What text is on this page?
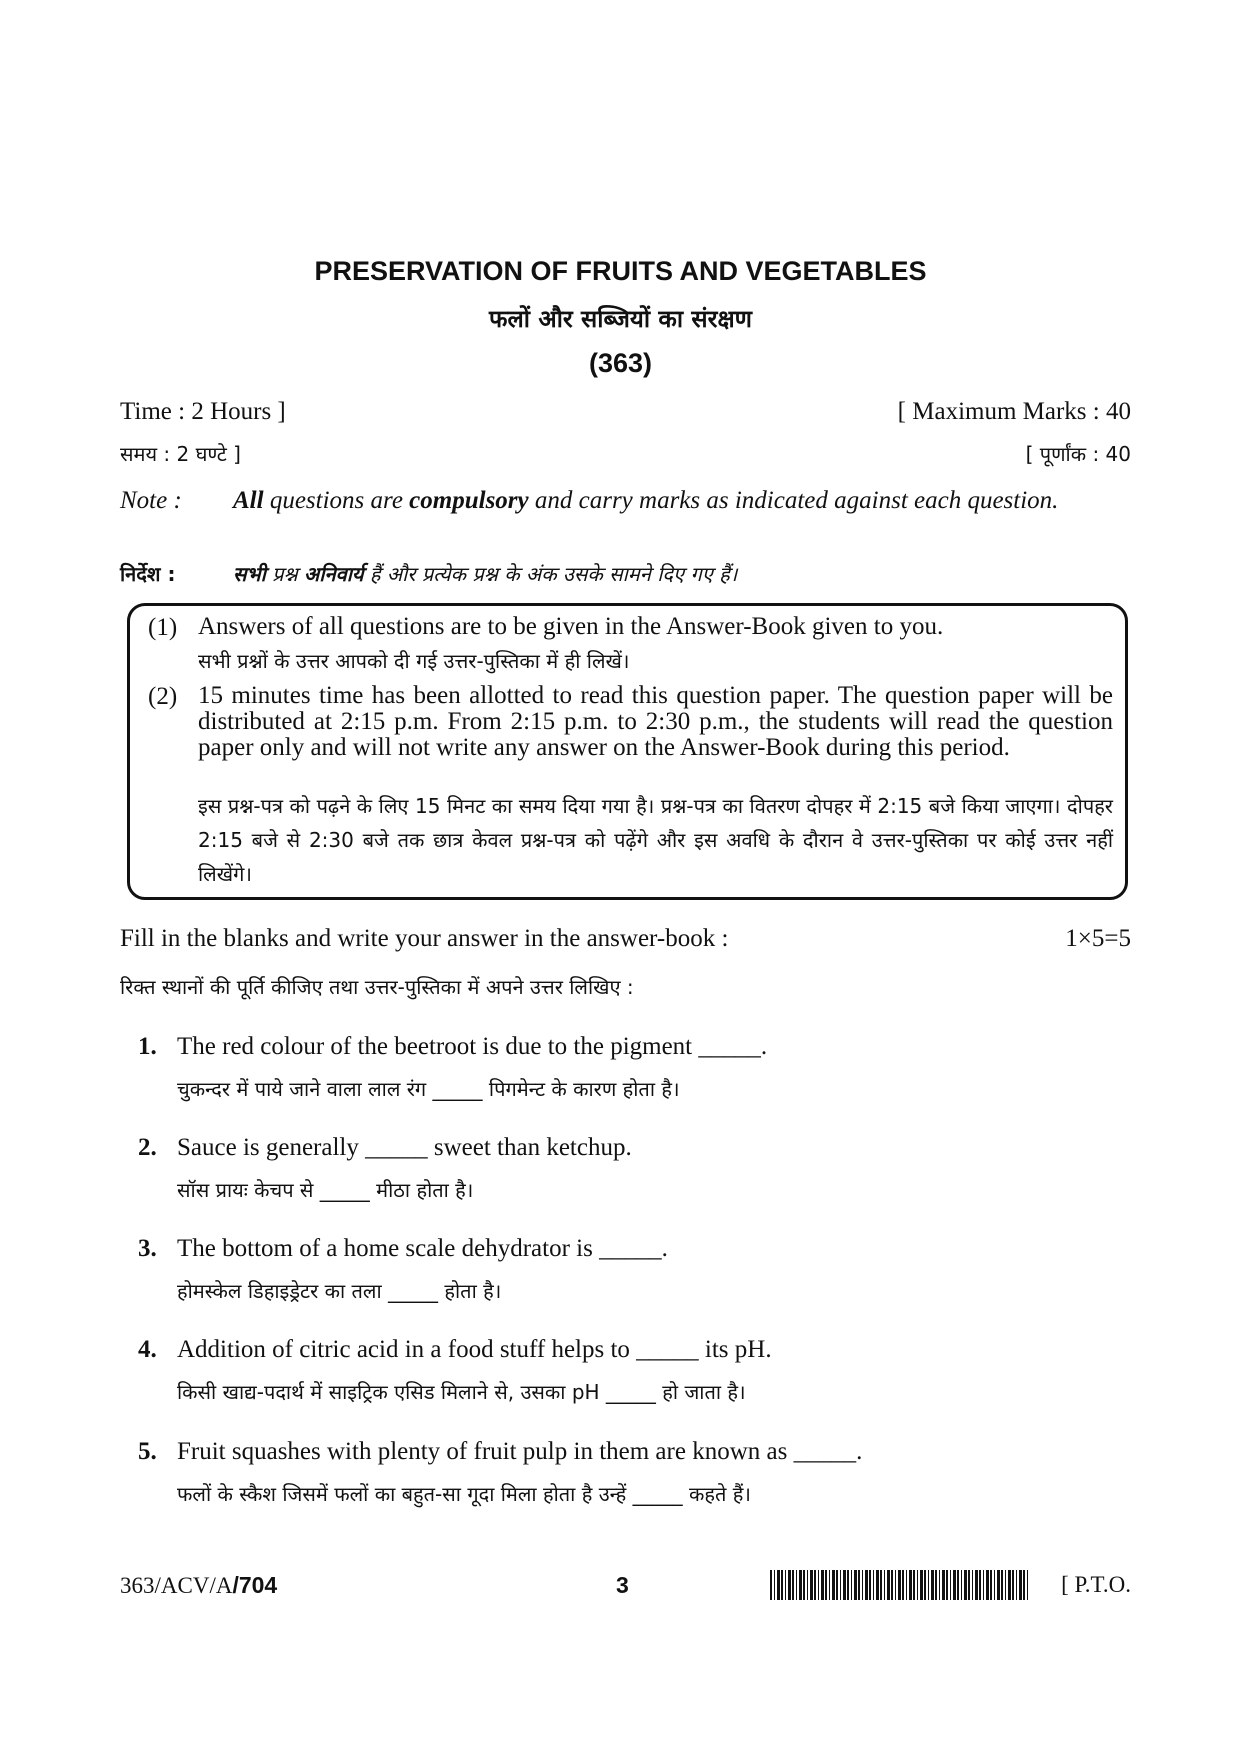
PRESERVATION OF FRUITS AND VEGETABLES
फलों और सब्जियों का संरक्षण
(363)
Time : 2 Hours ]	[ Maximum Marks : 40
समय : 2 घण्टे ]	[ पूर्णांक : 40
Note : All questions are compulsory and carry marks as indicated against each question.
निर्देश :	सभी प्रश्न अनिवार्य हैं और प्रत्येक प्रश्न के अंक उसके सामने दिए गए हैं।
(1) Answers of all questions are to be given in the Answer-Book given to you.
सभी प्रश्नों के उत्तर आपको दी गई उत्तर-पुस्तिका में ही लिखें।
(2) 15 minutes time has been allotted to read this question paper. The question paper will be distributed at 2:15 p.m. From 2:15 p.m. to 2:30 p.m., the students will read the question paper only and will not write any answer on the Answer-Book during this period.
इस प्रश्न-पत्र को पढ़ने के लिए 15 मिनट का समय दिया गया है। प्रश्न-पत्र का वितरण दोपहर में 2:15 बजे किया जाएगा। दोपहर 2:15 बजे से 2:30 बजे तक छात्र केवल प्रश्न-पत्र को पढ़ेंगे और इस अवधि के दौरान वे उत्तर-पुस्तिका पर कोई उत्तर नहीं लिखेंगे।
Fill in the blanks and write your answer in the answer-book :	1×5=5
रिक्त स्थानों की पूर्ति कीजिए तथा उत्तर-पुस्तिका में अपने उत्तर लिखिए :
1. The red colour of the beetroot is due to the pigment _____.
चुकन्दर में पाये जाने वाला लाल रंग _____ पिगमेन्ट के कारण होता है।
2. Sauce is generally _____ sweet than ketchup.
सॉस प्रायः केचप से _____ मीठा होता है।
3. The bottom of a home scale dehydrator is _____.
होमस्केल डिहाइड्रेटर का तला _____ होता है।
4. Addition of citric acid in a food stuff helps to _____ its pH.
किसी खाद्य-पदार्थ में साइट्रिक एसिड मिलाने से, उसका pH _____ हो जाता है।
5. Fruit squashes with plenty of fruit pulp in them are known as _____.
फलों के स्कैश जिसमें फलों का बहुत-सा गूदा मिला होता है उन्हें _____ कहते हैं।
363/ACV/A/704	3	[ P.T.O.
